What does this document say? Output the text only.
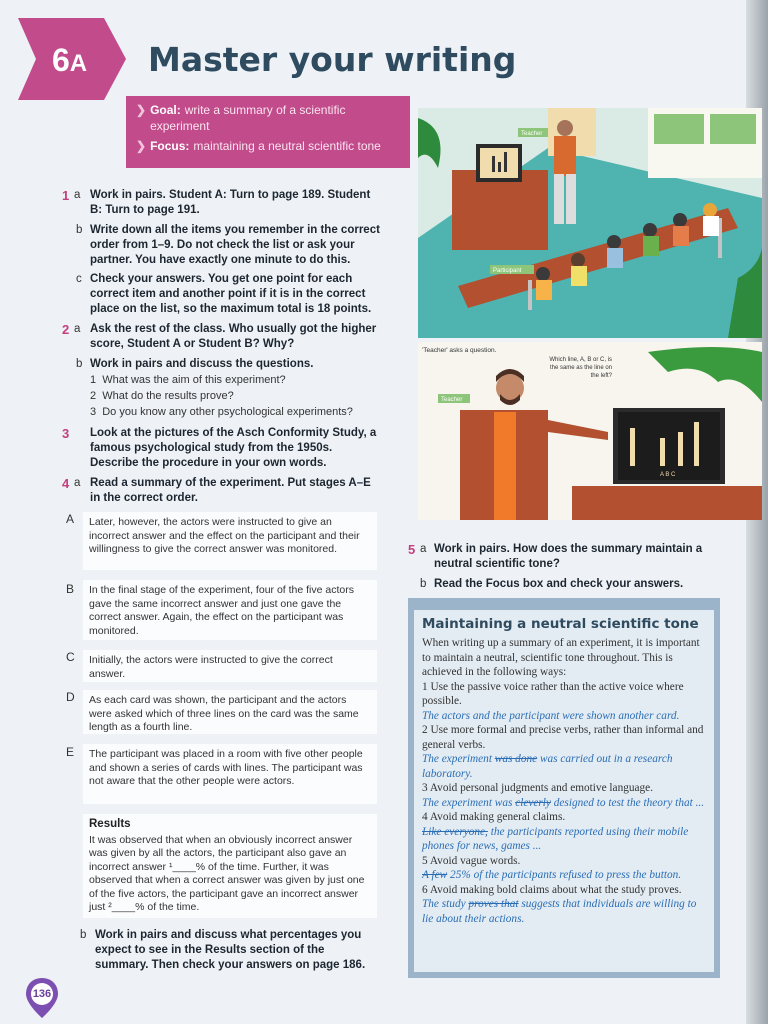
6A Master your writing
❯ Goal: write a summary of a scientific experiment
❯ Focus: maintaining a neutral scientific tone
1 a Work in pairs. Student A: Turn to page 189. Student B: Turn to page 191.
b Write down all the items you remember in the correct order from 1–9. Do not check the list or ask your partner. You have exactly one minute to do this.
c Check your answers. You get one point for each correct item and another point if it is in the correct place on the list, so the maximum total is 18 points.
2 a Ask the rest of the class. Who usually got the higher score, Student A or Student B? Why?
b Work in pairs and discuss the questions.
1  What was the aim of this experiment?
2  What do the results prove?
3  Do you know any other psychological experiments?
3 Look at the pictures of the Asch Conformity Study, a famous psychological study from the 1950s. Describe the procedure in your own words.
4 a Read a summary of the experiment. Put stages A–E in the correct order.
A	Later, however, the actors were instructed to give an incorrect answer and the effect on the participant and their willingness to give the correct answer was monitored.
B	In the final stage of the experiment, four of the five actors gave the same incorrect answer and just one gave the correct answer. Again, the effect on the participant was monitored.
C	Initially, the actors were instructed to give the correct answer.
D	As each card was shown, the participant and the actors were asked which of three lines on the card was the same length as a fourth line.
E	The participant was placed in a room with five other people and shown a series of cards with lines. The participant was not aware that the other people were actors.
Results
It was observed that when an obviously incorrect answer was given by all the actors, the participant also gave an incorrect answer ¹____% of the time. Further, it was observed that when a correct answer was given by just one of the five actors, the participant gave an incorrect answer just ²____% of the time.
b Work in pairs and discuss what percentages you expect to see in the Results section of the summary. Then check your answers on page 186.
Teacher
Participant
'Teacher' asks a question.
Which line, A, B or C, is the same as the line on the left?
Teacher
A B C
5 a Work in pairs. How does the summary maintain a neutral scientific tone?
b Read the Focus box and check your answers.
Maintaining a neutral scientific tone

When writing up a summary of an experiment, it is important to maintain a neutral, scientific tone throughout. This is achieved in the following ways:

1 Use the passive voice rather than the active voice where possible.

The actors and the participant were shown another card.

2 Use more formal and precise verbs, rather than informal and general verbs.

The experiment was done was carried out in a research laboratory.

3 Avoid personal judgments and emotive language.

The experiment was cleverly designed to test the theory that ...

4 Avoid making general claims.

Like everyone, the participants reported using their mobile phones for news, games ...

5 Avoid vague words.

A few 25% of the participants refused to press the button.

6 Avoid making bold claims about what the study proves.

The study proves that suggests that individuals are willing to lie about their actions.

136
